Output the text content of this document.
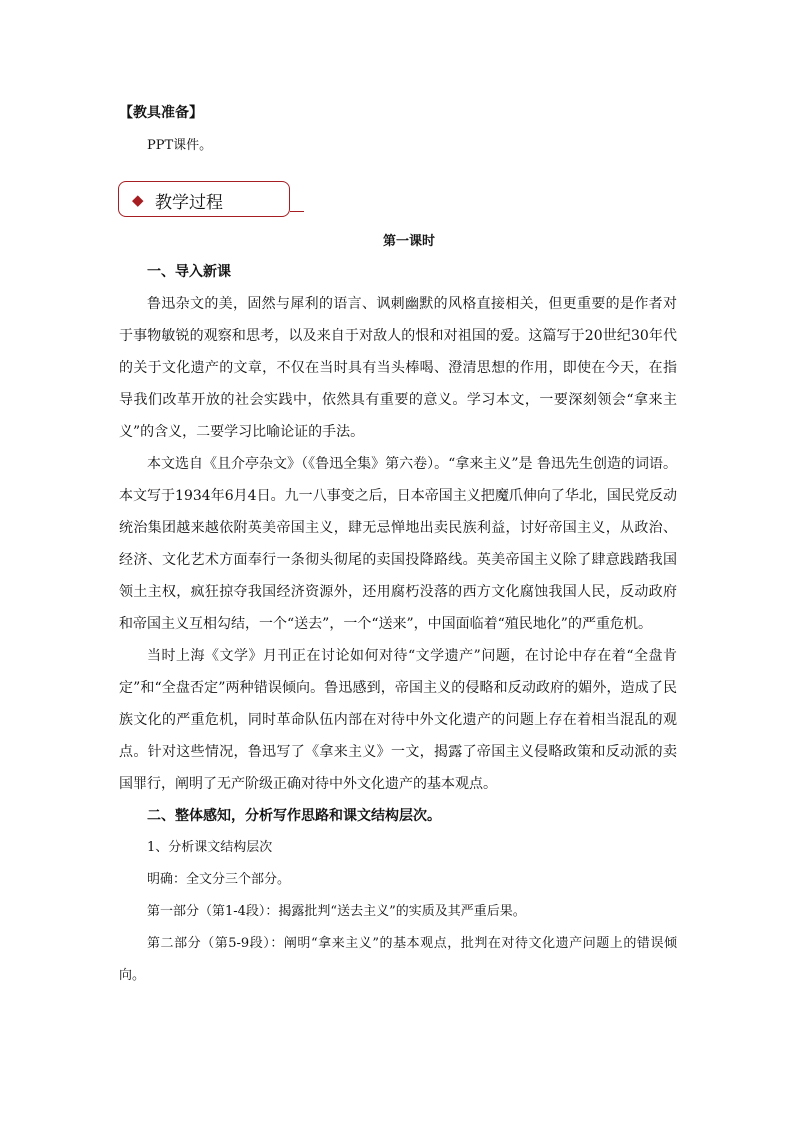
【教具准备】
PPT课件。
◆ 教学过程
第一课时

一、导入新课

鲁迅杂文的美，固然与犀利的语言、讽刺幽默的风格直接相关，但更重要的是作者对于事物敏锐的观察和思考，以及来自于对敌人的恨和对祖国的爱。这篇写于20世纪30年代的关于文化遗产的文章，不仅在当时具有当头棒喝、澄清思想的作用，即使在今天，在指导我们改革开放的社会实践中，依然具有重要的意义。学习本文，一要深刻领会“拿来主义”的含义，二要学习比喻论证的手法。

本文选自《且介亭杂文》（《鲁迅全集》第六卷）。“拿来主义”是 鲁迅先生创造的词语。本文写于1934年6月4日。九一八事变之后，日本帝国主义把魔爪伸向了华北，国民党反动统治集团越来越依附英美帝国主义，肆无忌惮地出卖民族利益，讨好帝国主义，从政治、经济、文化艺术方面奉行一条彻头彻尾的卖国投降路线。英美帝国主义除了肆意践踏我国领土主权，疯狂掠夺我国经济资源外，还用腐朽没落的西方文化腐蚀我国人民，反动政府和帝国主义互相勾结，一个“送去”，一个“送来”，中国面临着“殖民地化”的严重危机。

当时上海《文学》月刊正在讨论如何对待“文学遗产”问题，在讨论中存在着“全盘肯定”和“全盘否定”两种错误倾向。鲁迅感到，帝国主义的侵略和反动政府的媚外，造成了民族文化的严重危机，同时革命队伍内部在对待中外文化遗产的问题上存在着相当混乱的观点。针对这些情况，鲁迅写了《拿来主义》一文，揭露了帝国主义侵略政策和反动派的卖国罪行，阐明了无产阶级正确对待中外文化遗产的基本观点。

二、整体感知，分析写作思路和课文结构层次。

1、分析课文结构层次

明确：全文分三个部分。

第一部分（第1-4段）：揭露批判“送去主义”的实质及其严重后果。

第二部分（第5-9段）：阐明“拿来主义”的基本观点，批判在对待文化遗产问题上的错误倾向。
